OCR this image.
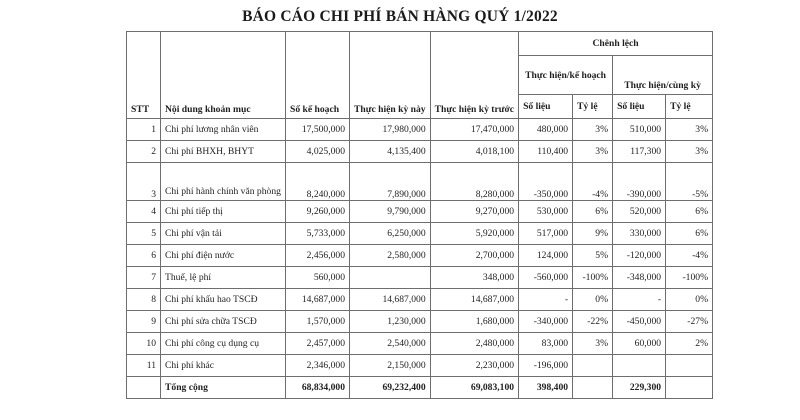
BÁO CÁO CHI PHÍ BÁN HÀNG QUÝ 1/2022
STT	Nội dung khoản mục	Số kế hoạch	Thực hiện kỳ này	Thực hiện kỳ trước	Chênh lệch			
					Thực hiện/kế hoạch		Thực hiện/cùng kỳ	
					Số liệu	Tỷ lệ	Số liệu	Tỷ lệ
1	Chi phí lương nhân viên	17,500,000	17,980,000	17,470,000	480,000	3%	510,000	3%
2	Chi phí BHXH, BHYT	4,025,000	4,135,400	4,018,100	110,400	3%	117,300	3%
3	Chi phí hành chính văn phòng	8,240,000	7,890,000	8,280,000	-350,000	-4%	-390,000	-5%
4	Chi phí tiếp thị	9,260,000	9,790,000	9,270,000	530,000	6%	520,000	6%
5	Chi phí vận tải	5,733,000	6,250,000	5,920,000	517,000	9%	330,000	6%
6	Chi phí điện nước	2,456,000	2,580,000	2,700,000	124,000	5%	-120,000	-4%
7	Thuế, lệ phí	560,000		348,000	-560,000	-100%	-348,000	-100%
8	Chi phí khấu hao TSCĐ	14,687,000	14,687,000	14,687,000	-	0%	-	0%
9	Chi phí sửa chữa TSCĐ	1,570,000	1,230,000	1,680,000	-340,000	-22%	-450,000	-27%
10	Chi phí công cụ dụng cụ	2,457,000	2,540,000	2,480,000	83,000	3%	60,000	2%
11	Chi phí khác	2,346,000	2,150,000	2,230,000	-196,000			
	Tổng cộng	68,834,000	69,232,400	69,083,100	398,400		229,300	
